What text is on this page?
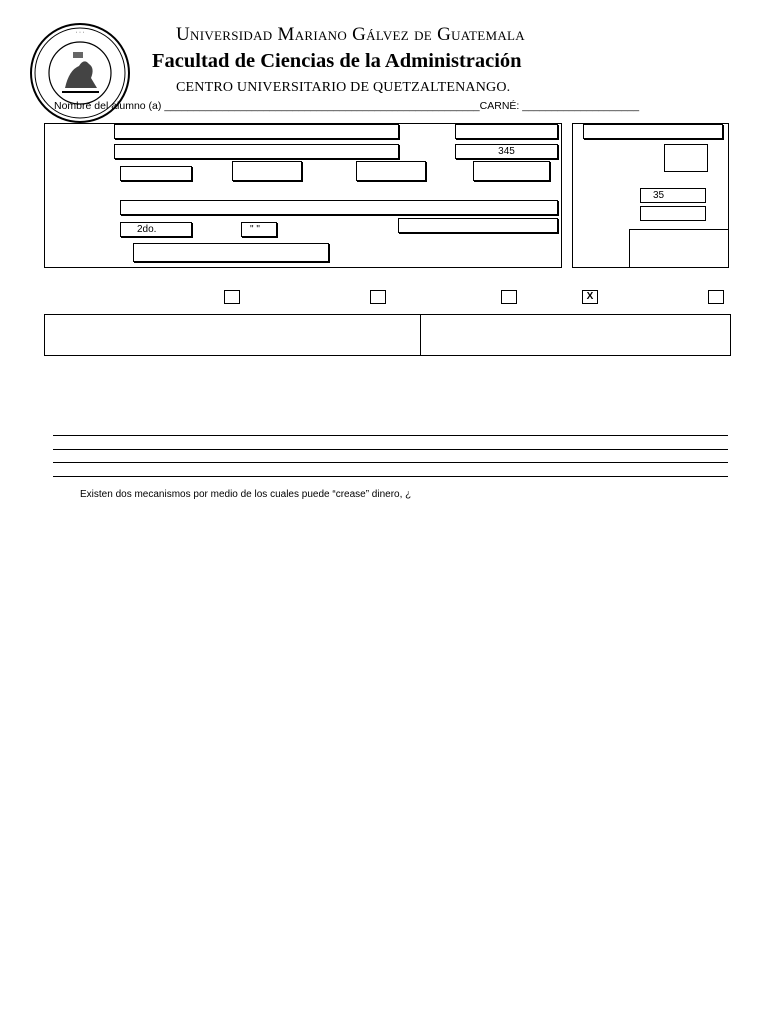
· · ·	Universidad Mariano Gálvez de Guatemala
Facultad de Ciencias de la Administración
CENTRO UNIVERSITARIO DE QUETZALTENANGO.
Nombre del alumno (a) ______________________________________________________CARNÉ: ____________________
345
2do.	" "
35
X
Existen dos mecanismos por medio de los cuales puede “crease” dinero, ¿
